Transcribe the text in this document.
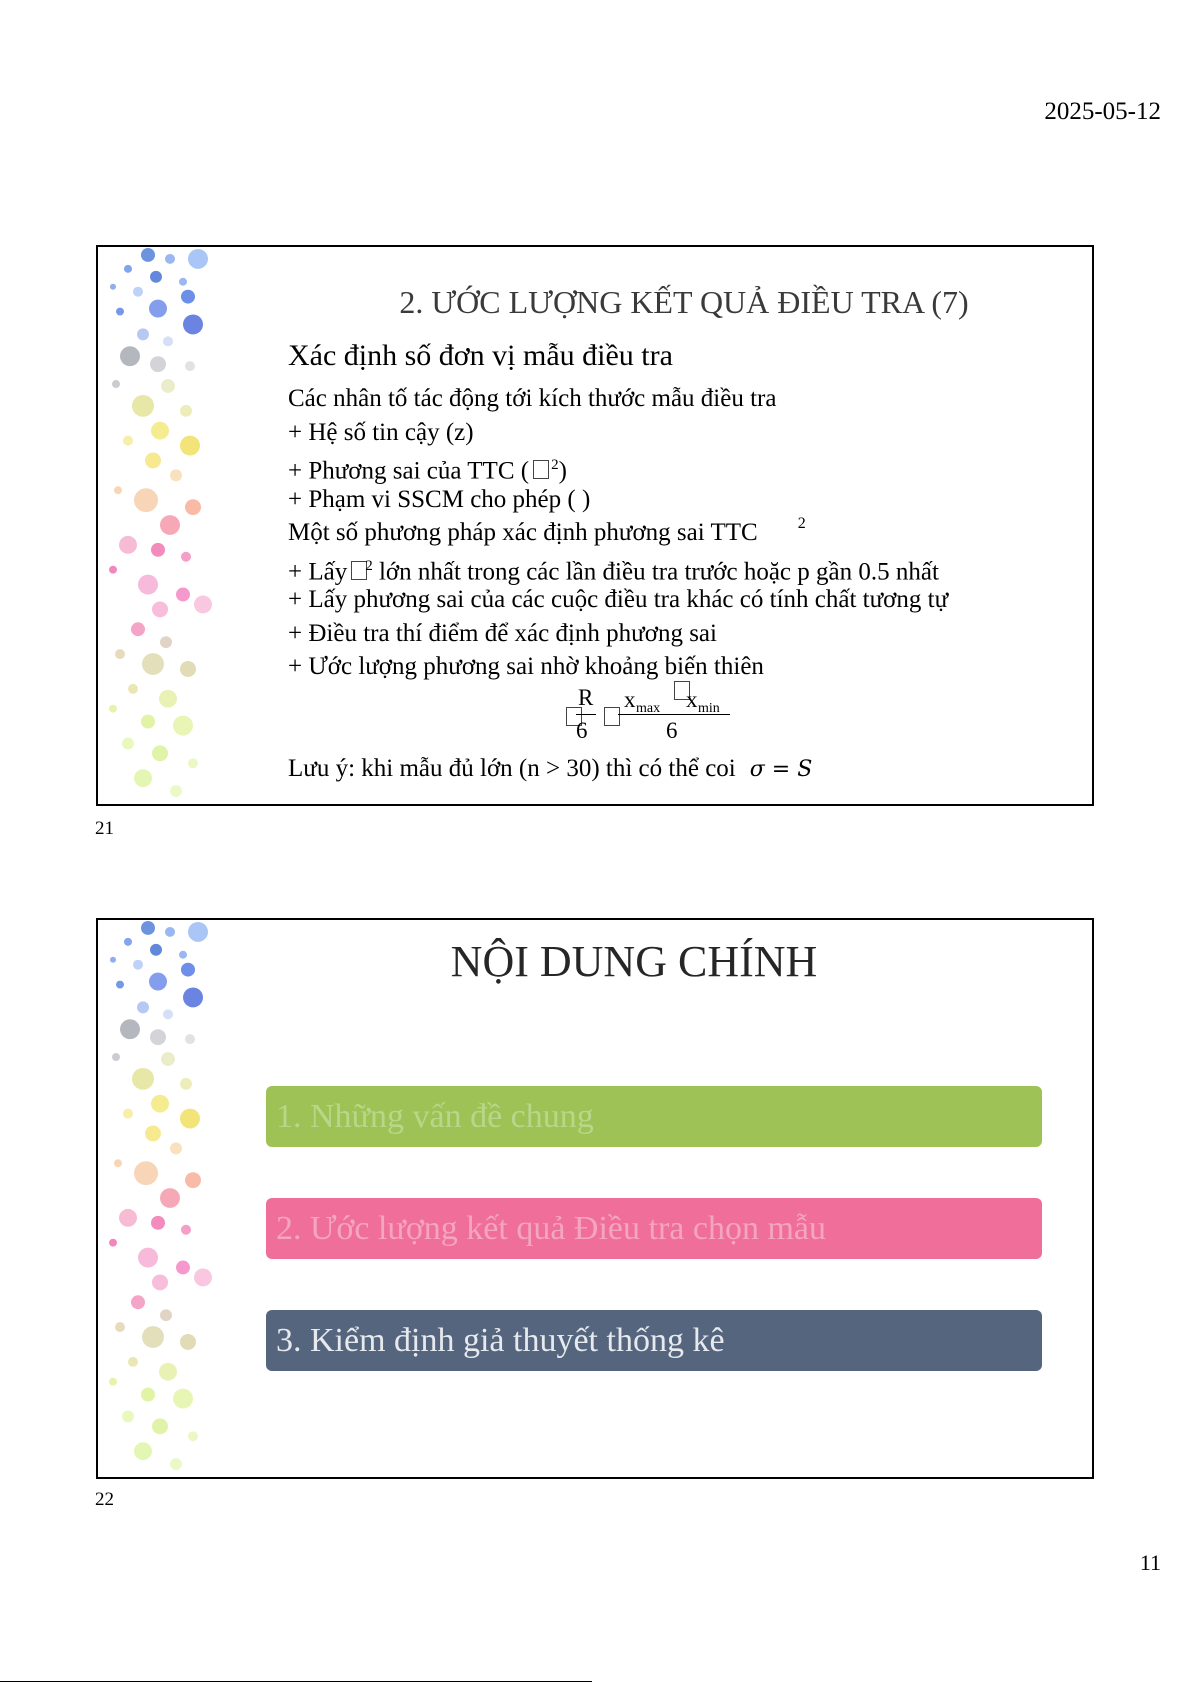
2025-05-12
2. ƯỚC LƯỢNG KẾT QUẢ ĐIỀU TRA (7)
Xác định số đơn vị mẫu điều tra
Các nhân tố tác động tới kích thước mẫu điều tra
+ Hệ số tin cậy (z)
+ Phương sai của TTC ( $^2$)
+ Phạm vi SSCM cho phép ( )
Một số phương pháp xác định phương sai TTC	$^2$
+ Lấy $^2$ lớn nhất trong các lần điều tra trước hoặc p gần 0.5 nhất
+ Lấy phương sai của các cuộc điều tra khác có tính chất tương tự
+ Điều tra thí điểm để xác định phương sai
+ Ước lượng phương sai nhờ khoảng biến thiên
R
6
x max x min
6
Lưu ý: khi mẫu đủ lớn (n > 30) thì có thể coi σ = S
21
NỘI DUNG CHÍNH
1. Những vấn đề chung
2. Ước lượng kết quả Điều tra chọn mẫu
3. Kiểm định giả thuyết thống kê
22
11
